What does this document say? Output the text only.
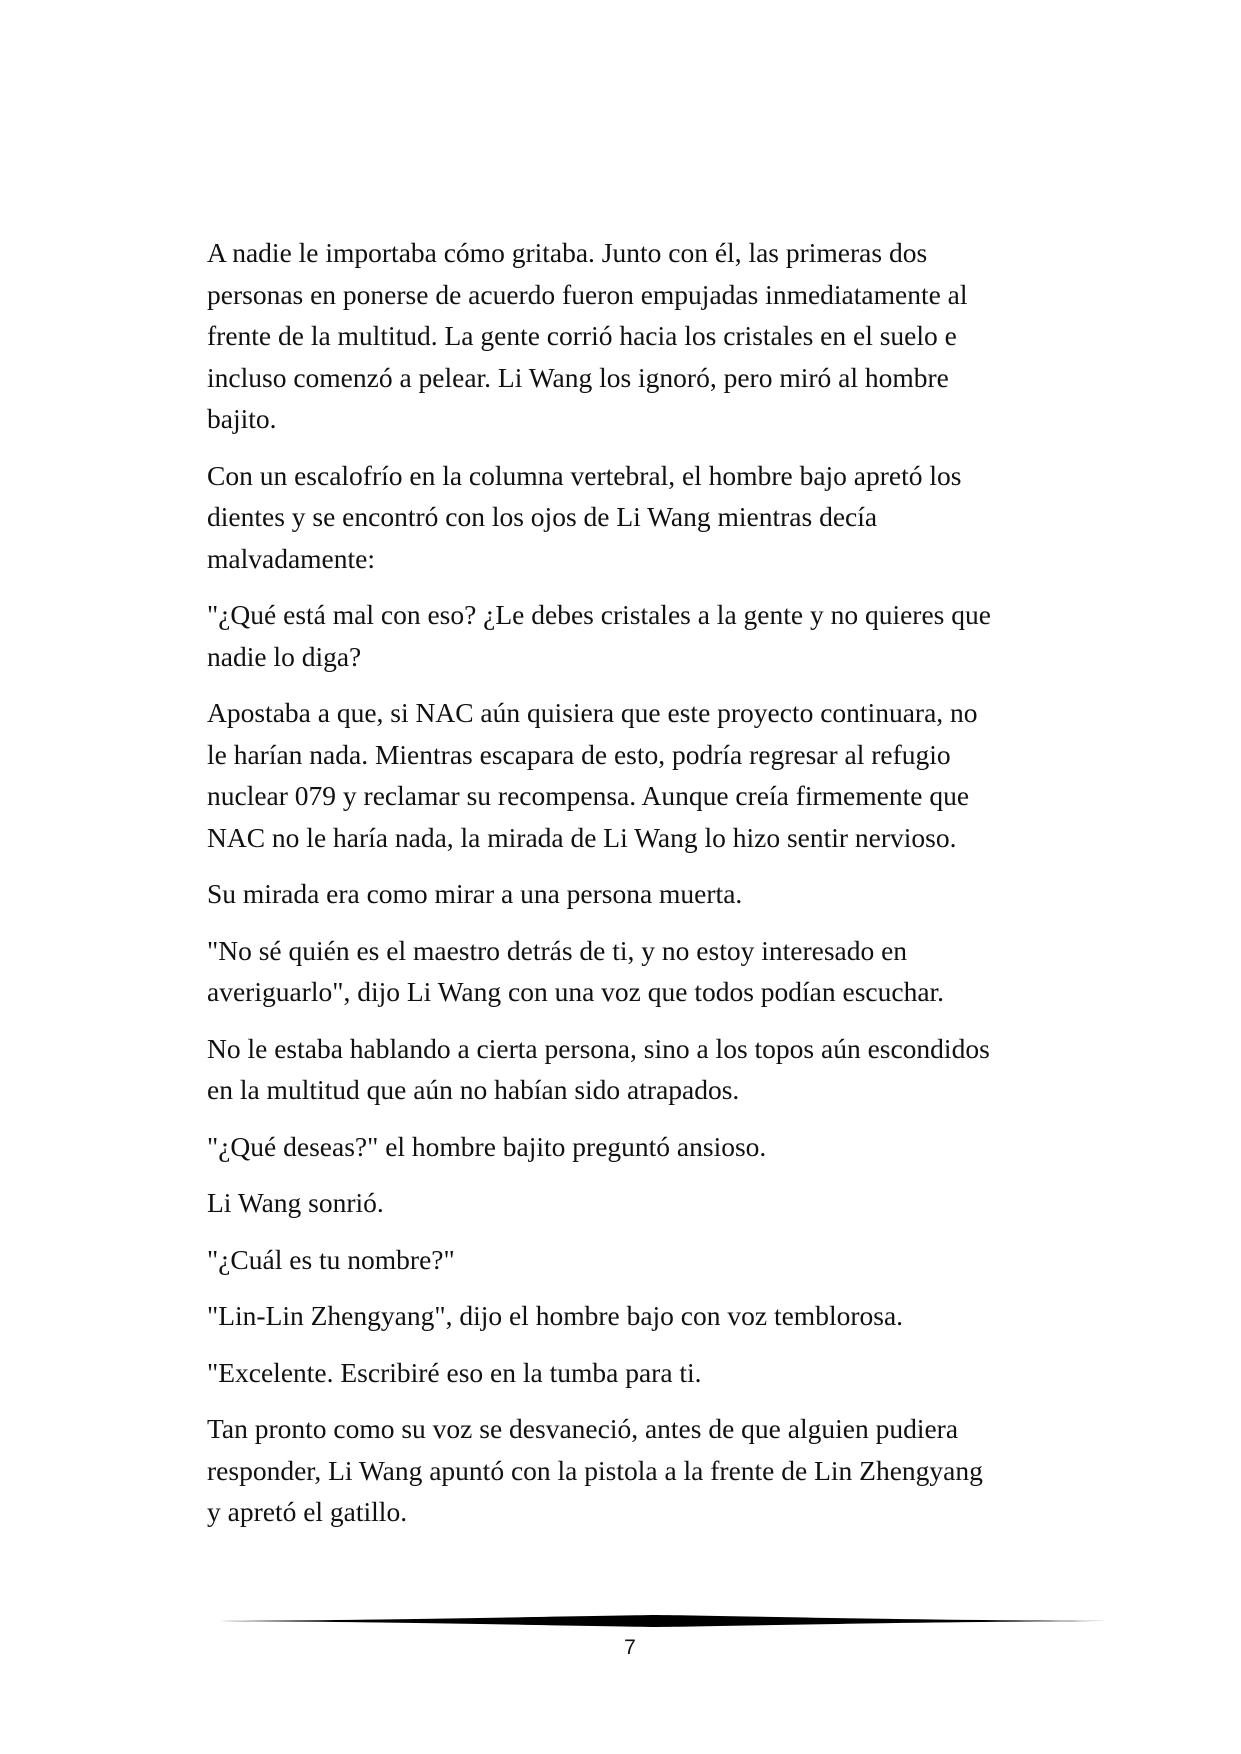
A nadie le importaba cómo gritaba. Junto con él, las primeras dos
personas en ponerse de acuerdo fueron empujadas inmediatamente al
frente de la multitud. La gente corrió hacia los cristales en el suelo e
incluso comenzó a pelear. Li Wang los ignoró, pero miró al hombre
bajito.

Con un escalofrío en la columna vertebral, el hombre bajo apretó los
dientes y se encontró con los ojos de Li Wang mientras decía
malvadamente:

"¿Qué está mal con eso? ¿Le debes cristales a la gente y no quieres que
nadie lo diga?

Apostaba a que, si NAC aún quisiera que este proyecto continuara, no
le harían nada. Mientras escapara de esto, podría regresar al refugio
nuclear 079 y reclamar su recompensa. Aunque creía firmemente que
NAC no le haría nada, la mirada de Li Wang lo hizo sentir nervioso.

Su mirada era como mirar a una persona muerta.

"No sé quién es el maestro detrás de ti, y no estoy interesado en
averiguarlo", dijo Li Wang con una voz que todos podían escuchar.

No le estaba hablando a cierta persona, sino a los topos aún escondidos
en la multitud que aún no habían sido atrapados.

"¿Qué deseas?" el hombre bajito preguntó ansioso.

Li Wang sonrió.

"¿Cuál es tu nombre?"

"Lin-Lin Zhengyang", dijo el hombre bajo con voz temblorosa.

"Excelente. Escribiré eso en la tumba para ti.

Tan pronto como su voz se desvaneció, antes de que alguien pudiera
responder, Li Wang apuntó con la pistola a la frente de Lin Zhengyang
y apretó el gatillo.

7
